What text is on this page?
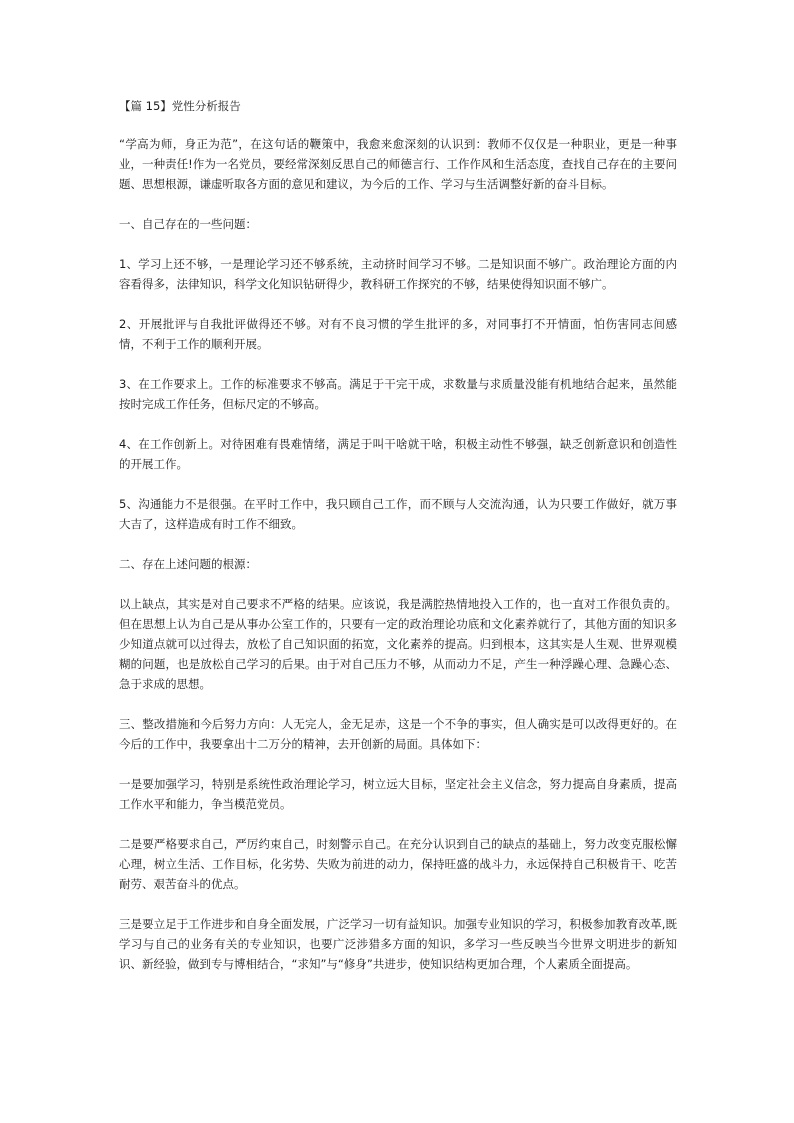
【篇 15】党性分析报告

“学高为师，身正为范”，在这句话的鞭策中，我愈来愈深刻的认识到：教师不仅仅是一种职业，更是一种事业，一种责任!作为一名党员，要经常深刻反思自己的师德言行、工作作风和生活态度，查找自己存在的主要问题、思想根源，谦虚听取各方面的意见和建议，为今后的工作、学习与生活调整好新的奋斗目标。

一、自己存在的一些问题：

1、学习上还不够，一是理论学习还不够系统，主动挤时间学习不够。二是知识面不够广。政治理论方面的内容看得多，法律知识，科学文化知识钻研得少，教科研工作探究的不够，结果使得知识面不够广。

2、开展批评与自我批评做得还不够。对有不良习惯的学生批评的多，对同事打不开情面，怕伤害同志间感情，不利于工作的顺利开展。

3、在工作要求上。工作的标准要求不够高。满足于干完干成，求数量与求质量没能有机地结合起来，虽然能按时完成工作任务，但标尺定的不够高。

4、在工作创新上。对待困难有畏难情绪，满足于叫干啥就干啥，积极主动性不够强，缺乏创新意识和创造性的开展工作。

5、沟通能力不是很强。在平时工作中，我只顾自己工作，而不顾与人交流沟通，认为只要工作做好，就万事大吉了，这样造成有时工作不细致。

二、存在上述问题的根源：

以上缺点，其实是对自己要求不严格的结果。应该说，我是满腔热情地投入工作的，也一直对工作很负责的。但在思想上认为自己是从事办公室工作的，只要有一定的政治理论功底和文化素养就行了，其他方面的知识多少知道点就可以过得去，放松了自己知识面的拓宽，文化素养的提高。归到根本，这其实是人生观、世界观模糊的问题，也是放松自己学习的后果。由于对自己压力不够，从而动力不足，产生一种浮躁心理、急躁心态、急于求成的思想。

三、整改措施和今后努力方向：人无完人，金无足赤，这是一个不争的事实，但人确实是可以改得更好的。在今后的工作中，我要拿出十二万分的精神，去开创新的局面。具体如下：

一是要加强学习，特别是系统性政治理论学习，树立远大目标，坚定社会主义信念，努力提高自身素质，提高工作水平和能力，争当模范党员。

二是要严格要求自己，严厉约束自己，时刻警示自己。在充分认识到自己的缺点的基础上，努力改变克服松懈心理，树立生活、工作目标，化劣势、失败为前进的动力，保持旺盛的战斗力，永远保持自己积极肯干、吃苦耐劳、艰苦奋斗的优点。

三是要立足于工作进步和自身全面发展，广泛学习一切有益知识。加强专业知识的学习，积极参加教育改革,既学习与自己的业务有关的专业知识，也要广泛涉猎多方面的知识，多学习一些反映当今世界文明进步的新知识、新经验，做到专与博相结合，“求知”与“修身”共进步，使知识结构更加合理，个人素质全面提高。
